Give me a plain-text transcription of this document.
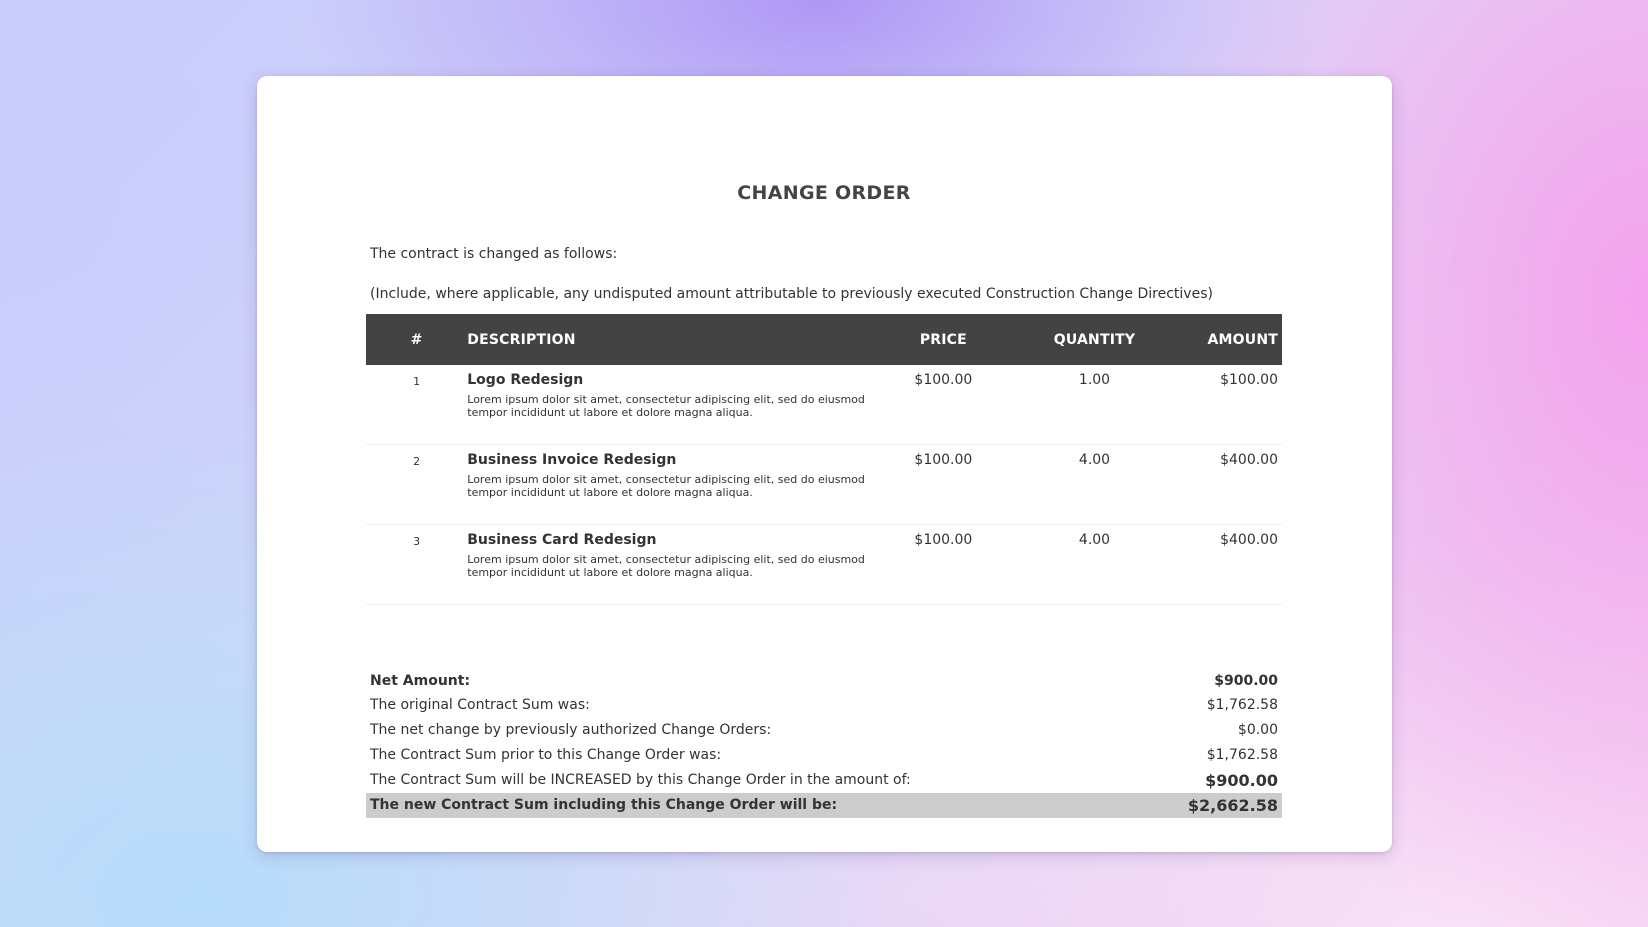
CHANGE ORDER
The contract is changed as follows:
(Include, where applicable, any undisputed amount attributable to previously executed Construction Change Directives)
#	DESCRIPTION	PRICE	QUANTITY	AMOUNT
1	Logo Redesign
Lorem ipsum dolor sit amet, consectetur adipiscing elit, sed do eiusmod tempor incididunt ut labore et dolore magna aliqua.	$100.00	1.00	$100.00
2	Business Invoice Redesign
Lorem ipsum dolor sit amet, consectetur adipiscing elit, sed do eiusmod tempor incididunt ut labore et dolore magna aliqua.	$100.00	4.00	$400.00
3	Business Card Redesign
Lorem ipsum dolor sit amet, consectetur adipiscing elit, sed do eiusmod tempor incididunt ut labore et dolore magna aliqua.	$100.00	4.00	$400.00
Net Amount:	$900.00
The original Contract Sum was:	$1,762.58
The net change by previously authorized Change Orders:	$0.00
The Contract Sum prior to this Change Order was:	$1,762.58
The Contract Sum will be INCREASED by this Change Order in the amount of:	$900.00
The new Contract Sum including this Change Order will be:	$2,662.58
